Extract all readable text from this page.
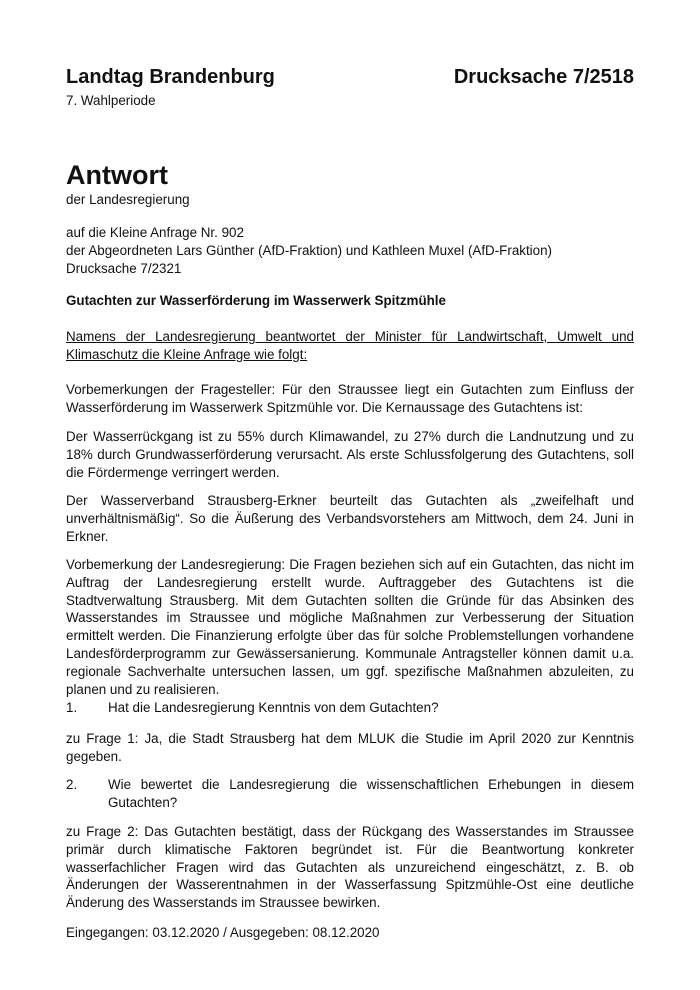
Landtag Brandenburg	Drucksache 7/2518
7. Wahlperiode
Antwort
der Landesregierung
auf die Kleine Anfrage Nr. 902
der Abgeordneten Lars Günther (AfD-Fraktion) und Kathleen Muxel (AfD-Fraktion)
Drucksache 7/2321
Gutachten zur Wasserförderung im Wasserwerk Spitzmühle
Namens der Landesregierung beantwortet der Minister für Landwirtschaft, Umwelt und Klimaschutz die Kleine Anfrage wie folgt:
Vorbemerkungen der Fragesteller: Für den Straussee liegt ein Gutachten zum Einfluss der Wasserförderung im Wasserwerk Spitzmühle vor. Die Kernaussage des Gutachtens ist:
Der Wasserrückgang ist zu 55% durch Klimawandel, zu 27% durch die Landnutzung und zu 18% durch Grundwasserförderung verursacht. Als erste Schlussfolgerung des Gutachtens, soll die Fördermenge verringert werden.
Der Wasserverband Strausberg-Erkner beurteilt das Gutachten als „zweifelhaft und unverhältnismäßig“. So die Äußerung des Verbandsvorstehers am Mittwoch, dem 24. Juni in Erkner.
Vorbemerkung der Landesregierung: Die Fragen beziehen sich auf ein Gutachten, das nicht im Auftrag der Landesregierung erstellt wurde. Auftraggeber des Gutachtens ist die Stadtverwaltung Strausberg. Mit dem Gutachten sollten die Gründe für das Absinken des Wasserstandes im Straussee und mögliche Maßnahmen zur Verbesserung der Situation ermittelt werden. Die Finanzierung erfolgte über das für solche Problemstellungen vorhandene Landesförderprogramm zur Gewässersanierung. Kommunale Antragsteller können damit u.a. regionale Sachverhalte untersuchen lassen, um ggf. spezifische Maßnahmen abzuleiten, zu planen und zu realisieren.
1.	Hat die Landesregierung Kenntnis von dem Gutachten?
zu Frage 1: Ja, die Stadt Strausberg hat dem MLUK die Studie im April 2020 zur Kenntnis gegeben.
2.	Wie bewertet die Landesregierung die wissenschaftlichen Erhebungen in diesem Gutachten?
zu Frage 2: Das Gutachten bestätigt, dass der Rückgang des Wasserstandes im Straussee primär durch klimatische Faktoren begründet ist. Für die Beantwortung konkreter wasserfachlicher Fragen wird das Gutachten als unzureichend eingeschätzt, z. B. ob Änderungen der Wasserentnahmen in der Wasserfassung Spitzmühle-Ost eine deutliche Änderung des Wasserstands im Straussee bewirken.
Eingegangen: 03.12.2020 / Ausgegeben: 08.12.2020
